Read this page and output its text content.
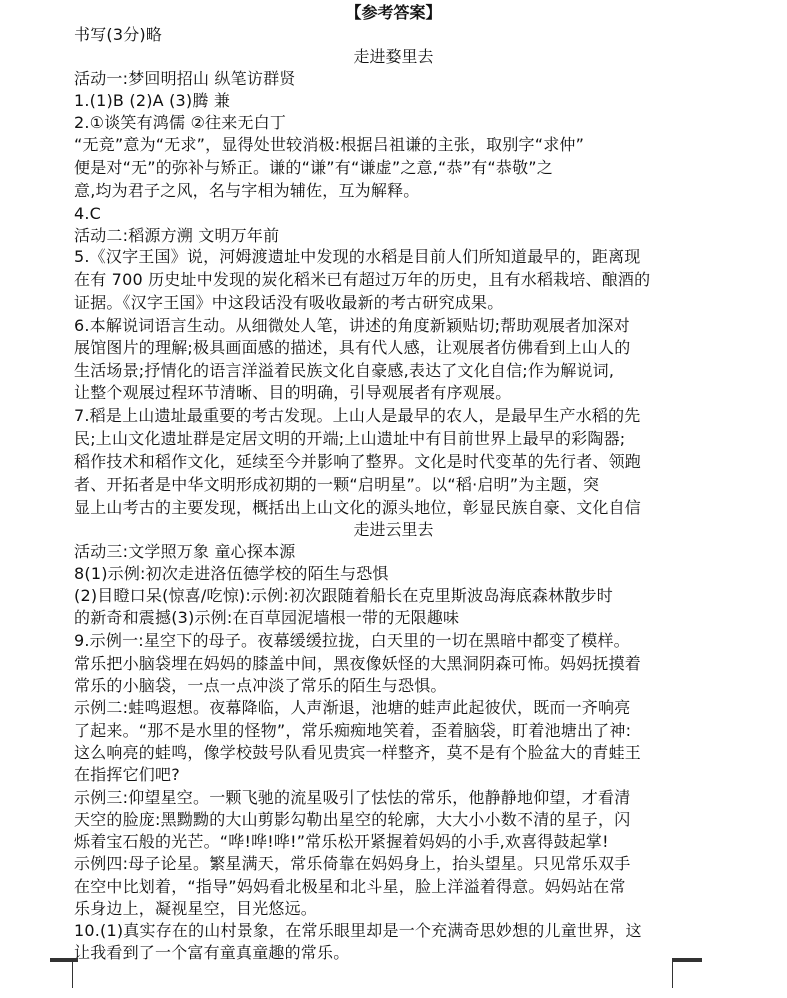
【参考答案】
书写(3分)略
走进婺里去
活动一:梦回明招山 纵笔访群贤
1.(1)B (2)A (3)腾 兼
2.①谈笑有鸿儒 ②往来无白丁
“无竞”意为“无求”，显得处世较消极:根据吕祖谦的主张，取别字“求仲”
便是对“无”的弥补与矫正。谦的“谦”有“谦虚”之意,“恭”有“恭敬”之
意,均为君子之风，名与字相为辅佐，互为解释。
4.C
活动二:稻源方溯 文明万年前
5.《汉字王国》说，河姆渡遗址中发现的水稻是目前人们所知道最早的，距离现
在有 700 历史址中发现的炭化稻米已有超过万年的历史，且有水稻栽培、酿酒的
证据。《汉字王国》中这段话没有吸收最新的考古研究成果。
6.本解说词语言生动。从细微处人笔，讲述的角度新颖贴切;帮助观展者加深对
展馆图片的理解;极具画面感的描述，具有代人感，让观展者仿佛看到上山人的
生活场景;抒情化的语言洋溢着民族文化自豪感,表达了文化自信;作为解说词,
让整个观展过程环节清晰、目的明确，引导观展者有序观展。
7.稻是上山遗址最重要的考古发现。上山人是最早的农人，是最早生产水稻的先
民;上山文化遗址群是定居文明的开端;上山遗址中有目前世界上最早的彩陶器;
稻作技术和稻作文化，延续至今并影响了整界。文化是时代变革的先行者、领跑
者、开拓者是中华文明形成初期的一颗“启明星”。以“稻·启明”为主题，突
显上山考古的主要发现，概括出上山文化的源头地位，彰显民族自豪、文化自信
走进云里去
活动三:文学照万象 童心探本源
8(1)示例:初次走进洛伍德学校的陌生与恐惧
(2)目瞪口呆(惊喜/吃惊):示例:初次跟随着船长在克里斯波岛海底森林散步时
的新奇和震撼(3)示例:在百草园泥墙根一带的无限趣味
9.示例一:星空下的母子。夜幕缓缓拉拢，白天里的一切在黑暗中都变了模样。
常乐把小脑袋埋在妈妈的膝盖中间，黑夜像妖怪的大黑洞阴森可怖。妈妈抚摸着
常乐的小脑袋，一点一点冲淡了常乐的陌生与恐惧。
示例二:蛙鸣遐想。夜幕降临，人声渐退，池塘的蛙声此起彼伏，既而一齐响亮
了起来。“那不是水里的怪物”，常乐痴痴地笑着，歪着脑袋，盯着池塘出了神:
这么响亮的蛙鸣，像学校鼓号队看见贵宾一样整齐，莫不是有个脸盆大的青蛙王
在指挥它们吧?
示例三:仰望星空。一颗飞驰的流星吸引了怯怯的常乐，他静静地仰望，才看清
天空的脸庞:黑黝黝的大山剪影勾勒出星空的轮廓，大大小小数不清的星子，闪
烁着宝石般的光芒。“哗!哗!哗!”常乐松开紧握着妈妈的小手,欢喜得鼓起掌!
示例四:母子论星。繁星满天，常乐倚靠在妈妈身上，抬头望星。只见常乐双手
在空中比划着，“指导”妈妈看北极星和北斗星，脸上洋溢着得意。妈妈站在常
乐身边上，凝视星空，目光悠远。
10.(1)真实存在的山村景象，在常乐眼里却是一个充满奇思妙想的儿童世界，这
让我看到了一个富有童真童趣的常乐。
